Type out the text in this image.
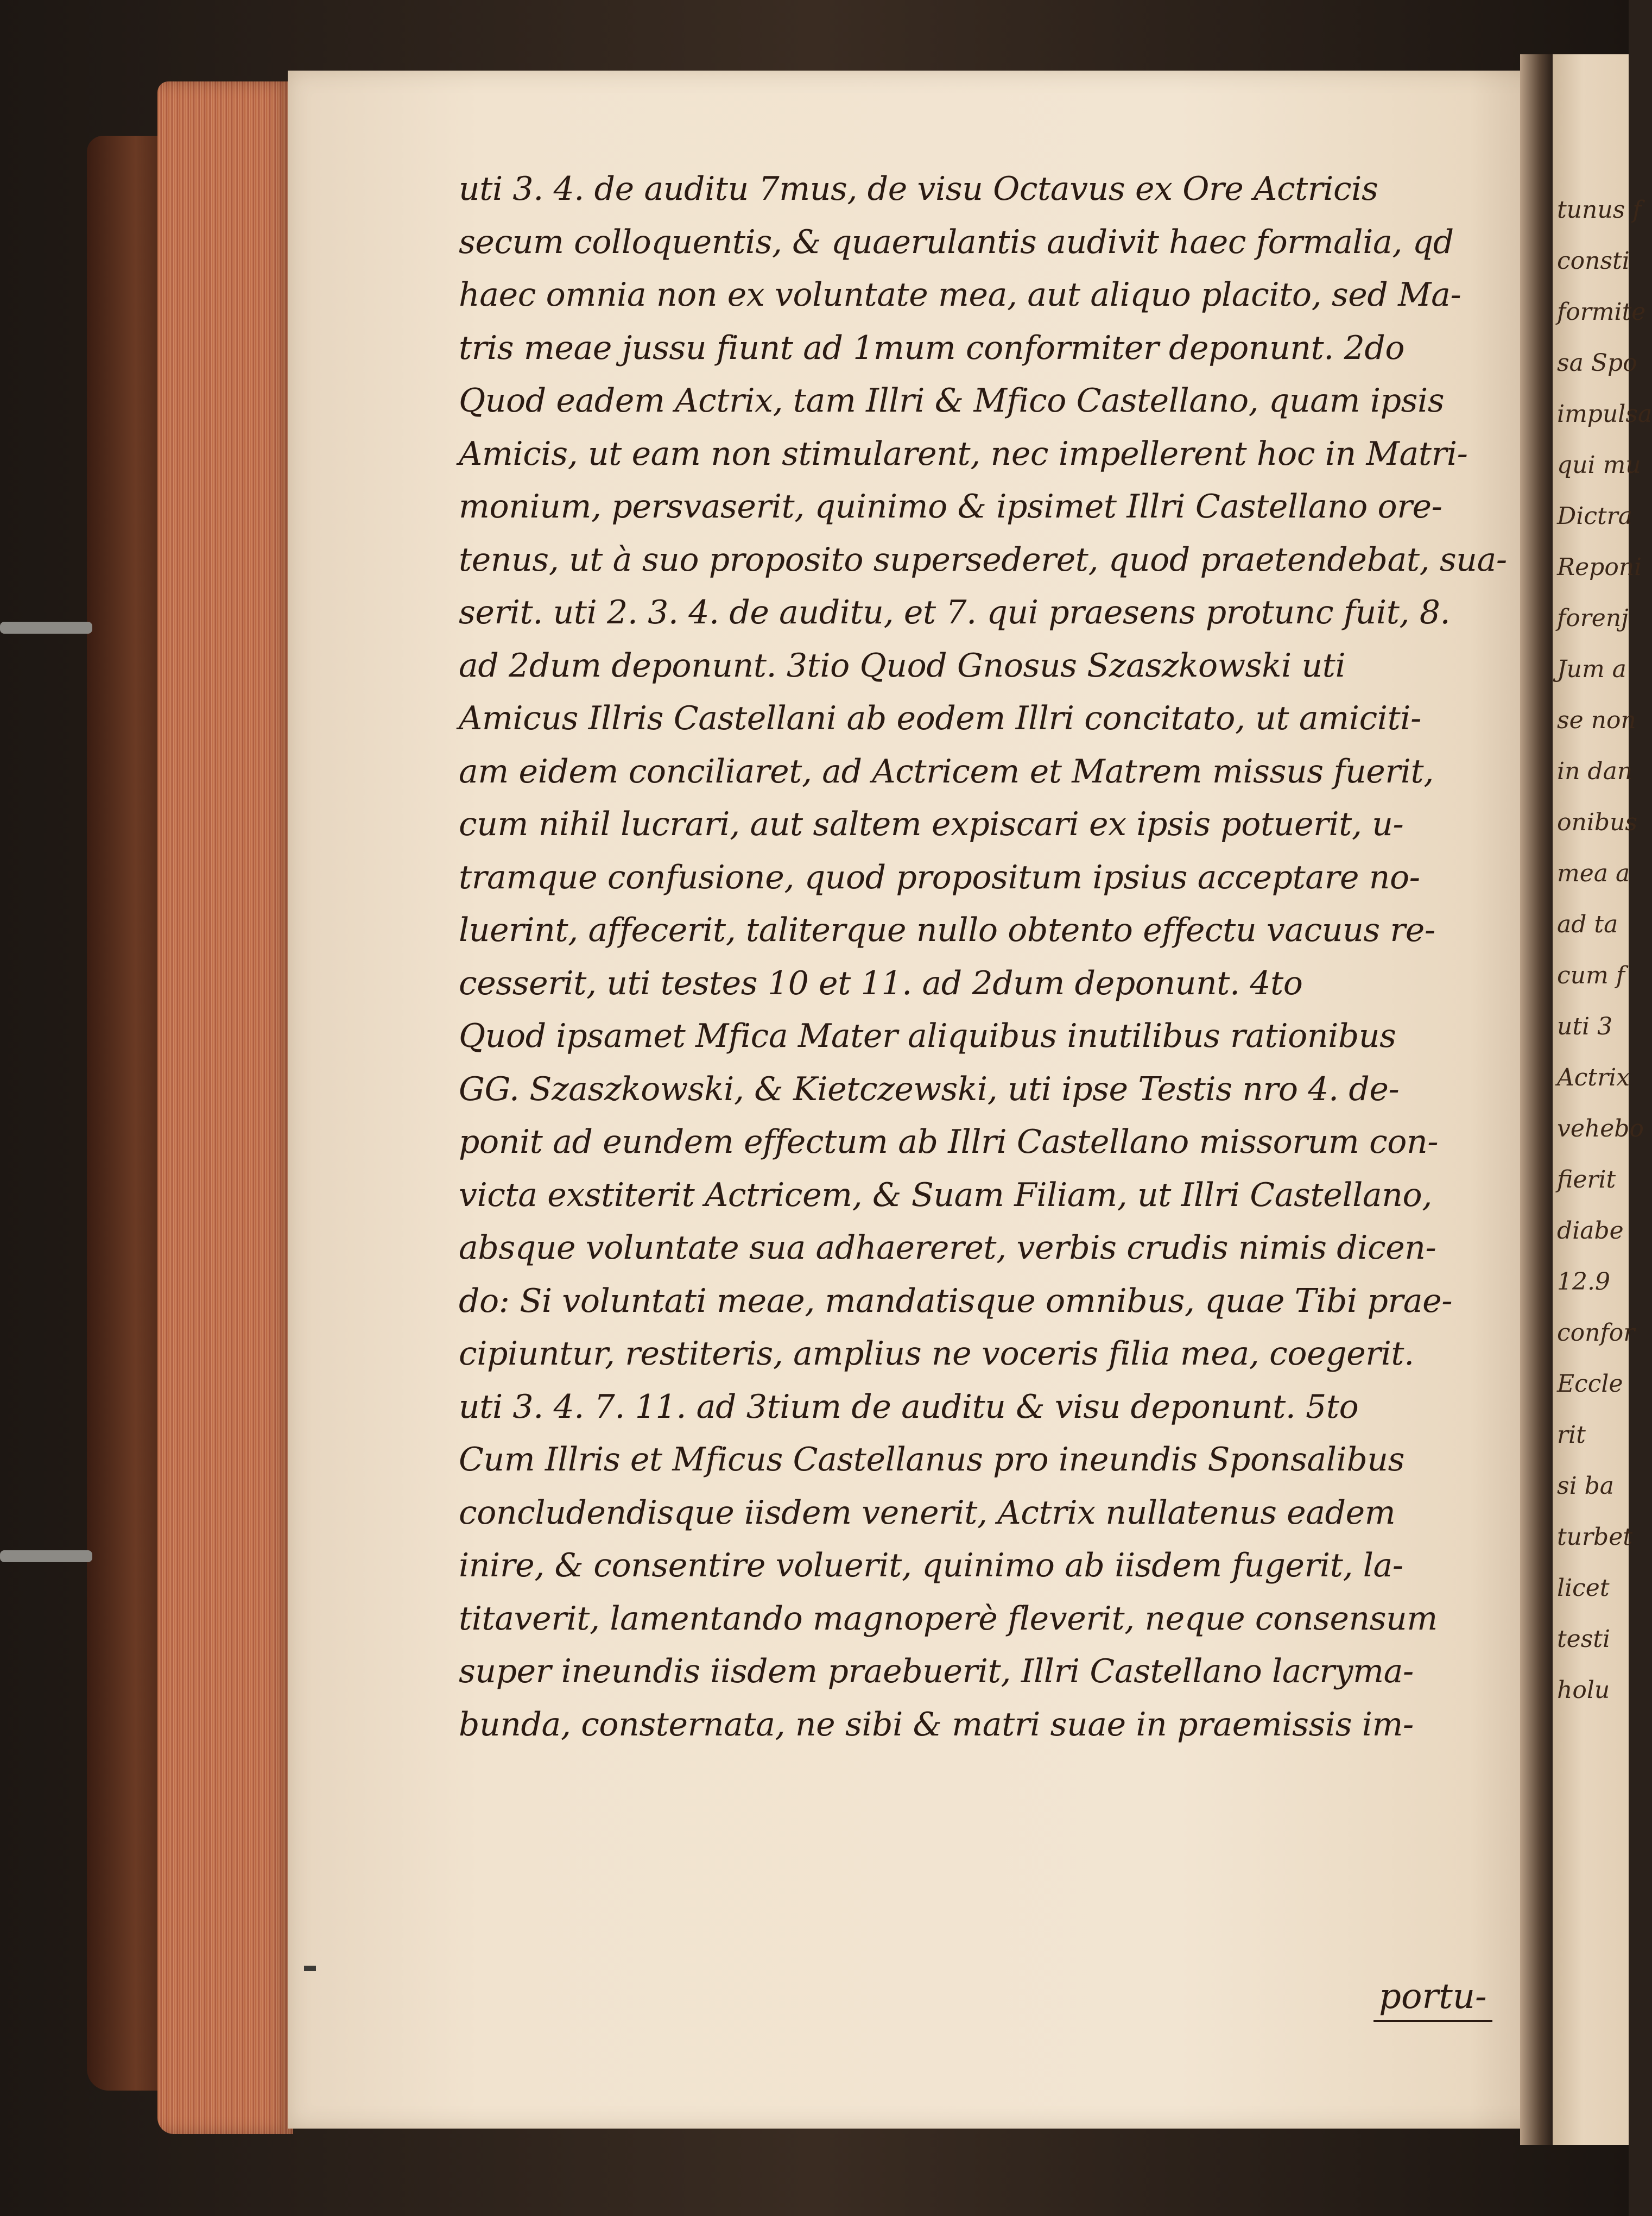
tunus f
consti
formite
sa Spo
impulsa
qui mu
Dictra
Reponi
forenj
Jum a
se non
in dan
onibus
mea a
ad ta
cum f
uti 3
Actrix
vehebo
fierit
diabe
12.9
confor
Eccle
rit
si ba
turbet
licet
testi
holu
uti 3. 4. de auditu 7mus, de visu Octavus ex Ore Actricis
secum colloquentis, & quaerulantis audivit haec formalia, qd
haec omnia non ex voluntate mea, aut aliquo placito, sed Ma-
tris meae jussu fiunt ad 1mum conformiter deponunt. 2do
Quod eadem Actrix, tam Illri & Mfico Castellano, quam ipsis
Amicis, ut eam non stimularent, nec impellerent hoc in Matri-
monium, persvaserit, quinimo & ipsimet Illri Castellano ore-
tenus, ut à suo proposito supersederet, quod praetendebat, sua-
serit. uti 2. 3. 4. de auditu, et 7. qui praesens protunc fuit, 8.
ad 2dum deponunt. 3tio Quod Gnosus Szaszkowski uti
Amicus Illris Castellani ab eodem Illri concitato, ut amiciti-
am eidem conciliaret, ad Actricem et Matrem missus fuerit,
cum nihil lucrari, aut saltem expiscari ex ipsis potuerit, u-
tramque confusione, quod propositum ipsius acceptare no-
luerint, affecerit, taliterque nullo obtento effectu vacuus re-
cesserit, uti testes 10 et 11. ad 2dum deponunt. 4to
Quod ipsamet Mfica Mater aliquibus inutilibus rationibus
GG. Szaszkowski, & Kietczewski, uti ipse Testis nro 4. de-
ponit ad eundem effectum ab Illri Castellano missorum con-
victa exstiterit Actricem, & Suam Filiam, ut Illri Castellano,
absque voluntate sua adhaereret, verbis crudis nimis dicen-
do: Si voluntati meae, mandatisque omnibus, quae Tibi prae-
cipiuntur, restiteris, amplius ne voceris filia mea, coegerit.
uti 3. 4. 7. 11. ad 3tium de auditu & visu deponunt. 5to
Cum Illris et Mficus Castellanus pro ineundis Sponsalibus
concludendisque iisdem venerit, Actrix nullatenus eadem
inire, & consentire voluerit, quinimo ab iisdem fugerit, la-
titaverit, lamentando magnoperè fleverit, neque consensum
super ineundis iisdem praebuerit, Illri Castellano lacryma-
bunda, consternata, ne sibi & matri suae in praemissis im-
portu-
